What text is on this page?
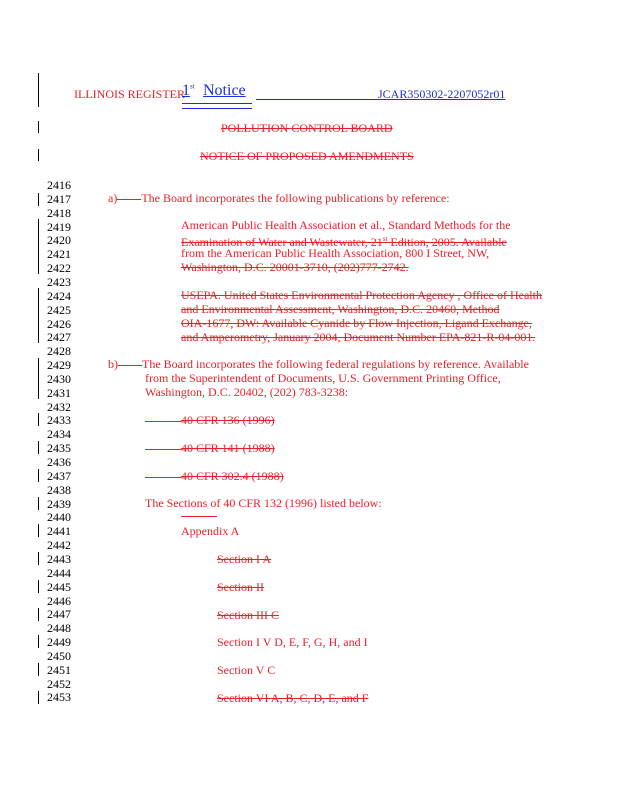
ILLINOIS REGISTER
1st Notice	JCAR350302-2207052r01
POLLUTION CONTROL BOARD
NOTICE OF PROPOSED AMENDMENTS
2416
2417
2418
2419
2420
2421
2422
2423
2424
2425
2426
2427
2428
2429
2430
2431
2432
2433
2434
2435
2436
2437
2438
2439
2440
2441
2442
2443
2444
2445
2446
2447
2448
2449
2450
2451
2452
2453
a) The Board incorporates the following publications by reference:
American Public Health Association et al., Standard Methods for the
Examination of Water and Wastewater, 21st Edition, 2005. Available
from the American Public Health Association, 800 I Street, NW,
Washington, D.C. 20001-3710, (202)777-2742.
USEPA. United States Environmental Protection Agency , Office of Health
and Environmental Assessment, Washington, D.C. 20460, Method
OIA-1677, DW: Available Cyanide by Flow Injection, Ligand Exchange,
and Amperometry, January 2004, Document Number EPA-821-R-04-001.
b) The Board incorporates the following federal regulations by reference. Available
from the Superintendent of Documents, U.S. Government Printing Office,
Washington, D.C. 20402, (202) 783-3238:
40 CFR 136 (1996)
40 CFR 141 (1988)
40 CFR 302.4 (1988)
The Sections of 40 CFR 132 (1996) listed below:
Appendix A
Section I A
Section II
Section III C
Section I V D, E, F, G, H, and I
Section V C
Section VI A, B, C, D, E, and F
